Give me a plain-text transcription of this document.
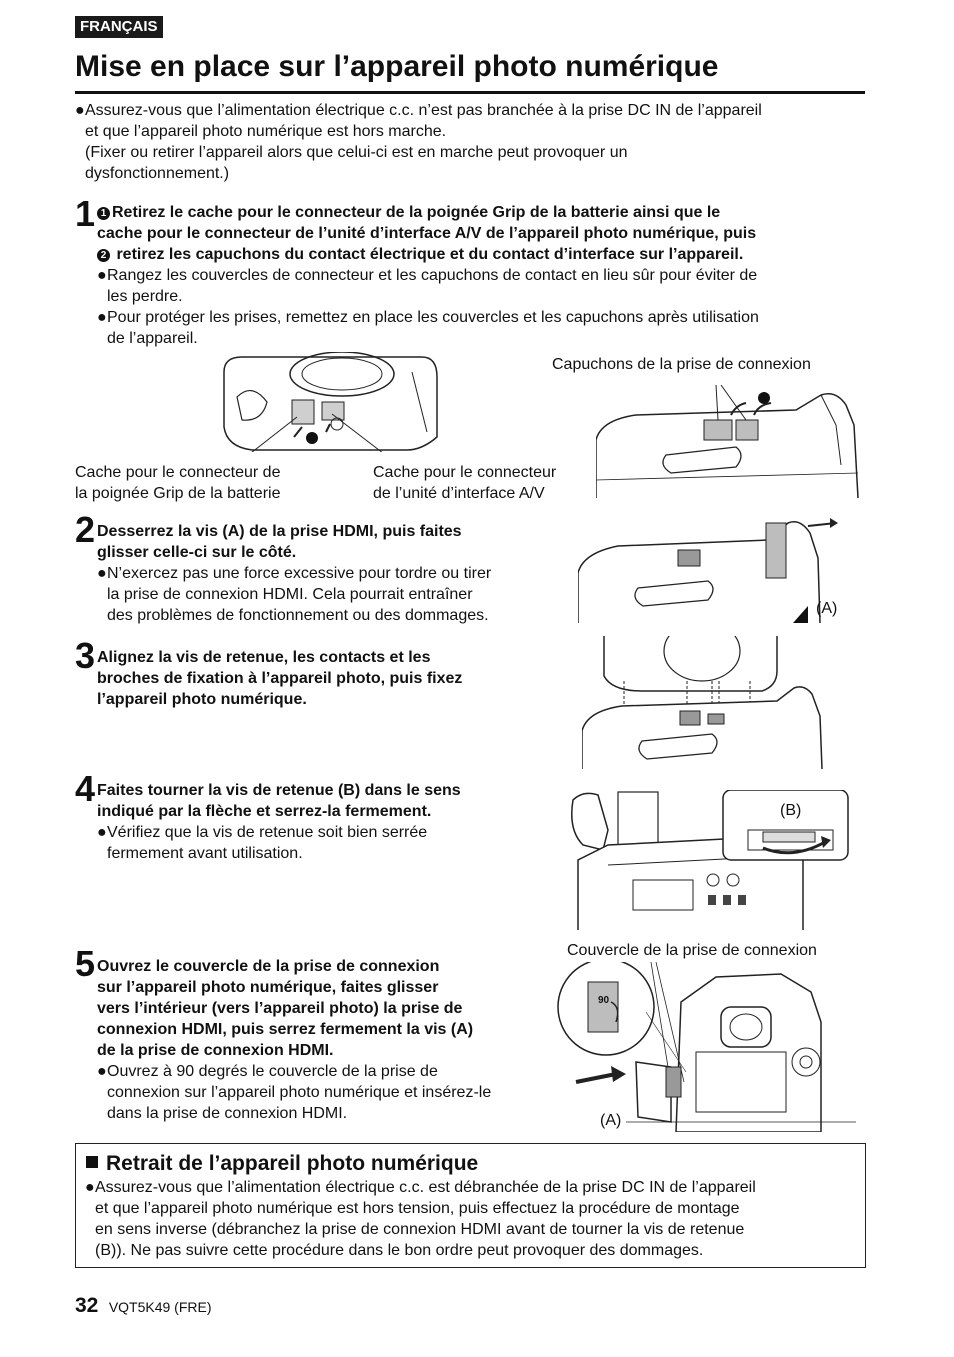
FRANÇAIS
Mise en place sur l’appareil photo numérique
● Assurez-vous que l’alimentation électrique c.c. n’est pas branchée à la prise DC IN de l’appareil
et que l’appareil photo numérique est hors marche.
(Fixer ou retirer l’appareil alors que celui-ci est en marche peut provoquer un
dysfonctionnement.)
1 1 Retirez le cache pour le connecteur de la poignée Grip de la batterie ainsi que le
cache pour le connecteur de l’unité d’interface A/V de l’appareil photo numérique, puis
2 retirez les capuchons du contact électrique et du contact d’interface sur l’appareil.
● Rangez les couvercles de connecteur et les capuchons de contact en lieu sûr pour éviter de
les perdre.
● Pour protéger les prises, remettez en place les couvercles et les capuchons après utilisation
de l’appareil.
Capuchons de la prise de connexion
Cache pour le connecteur de
la poignée Grip de la batterie
Cache pour le connecteur
de l’unité d’interface A/V
2 Desserrez la vis (A) de la prise HDMI, puis faites
glisser celle-ci sur le côté.
● N’exercez pas une force excessive pour tordre ou tirer
la prise de connexion HDMI. Cela pourrait entraîner
des problèmes de fonctionnement ou des dommages.	(A)
3 Alignez la vis de retenue, les contacts et les
broches de fixation à l’appareil photo, puis fixez
l’appareil photo numérique.
4 Faites tourner la vis de retenue (B) dans le sens
indiqué par la flèche et serrez-la fermement.
● Vérifiez que la vis de retenue soit bien serrée
fermement avant utilisation.
(B)
Couvercle de la prise de connexion
5 Ouvrez le couvercle de la prise de connexion
sur l’appareil photo numérique, faites glisser
vers l’intérieur (vers l’appareil photo) la prise de
connexion HDMI, puis serrez fermement la vis (A)
de la prise de connexion HDMI.
● Ouvrez à 90 degrés le couvercle de la prise de
connexion sur l’appareil photo numérique et insérez-le
dans la prise de connexion HDMI.
90
(A)
Retrait de l’appareil photo numérique
● Assurez-vous que l’alimentation électrique c.c. est débranchée de la prise DC IN de l’appareil
et que l’appareil photo numérique est hors tension, puis effectuez la procédure de montage
en sens inverse (débranchez la prise de connexion HDMI avant de tourner la vis de retenue
(B)). Ne pas suivre cette procédure dans le bon ordre peut provoquer des dommages.
32 VQT5K49 (FRE)
